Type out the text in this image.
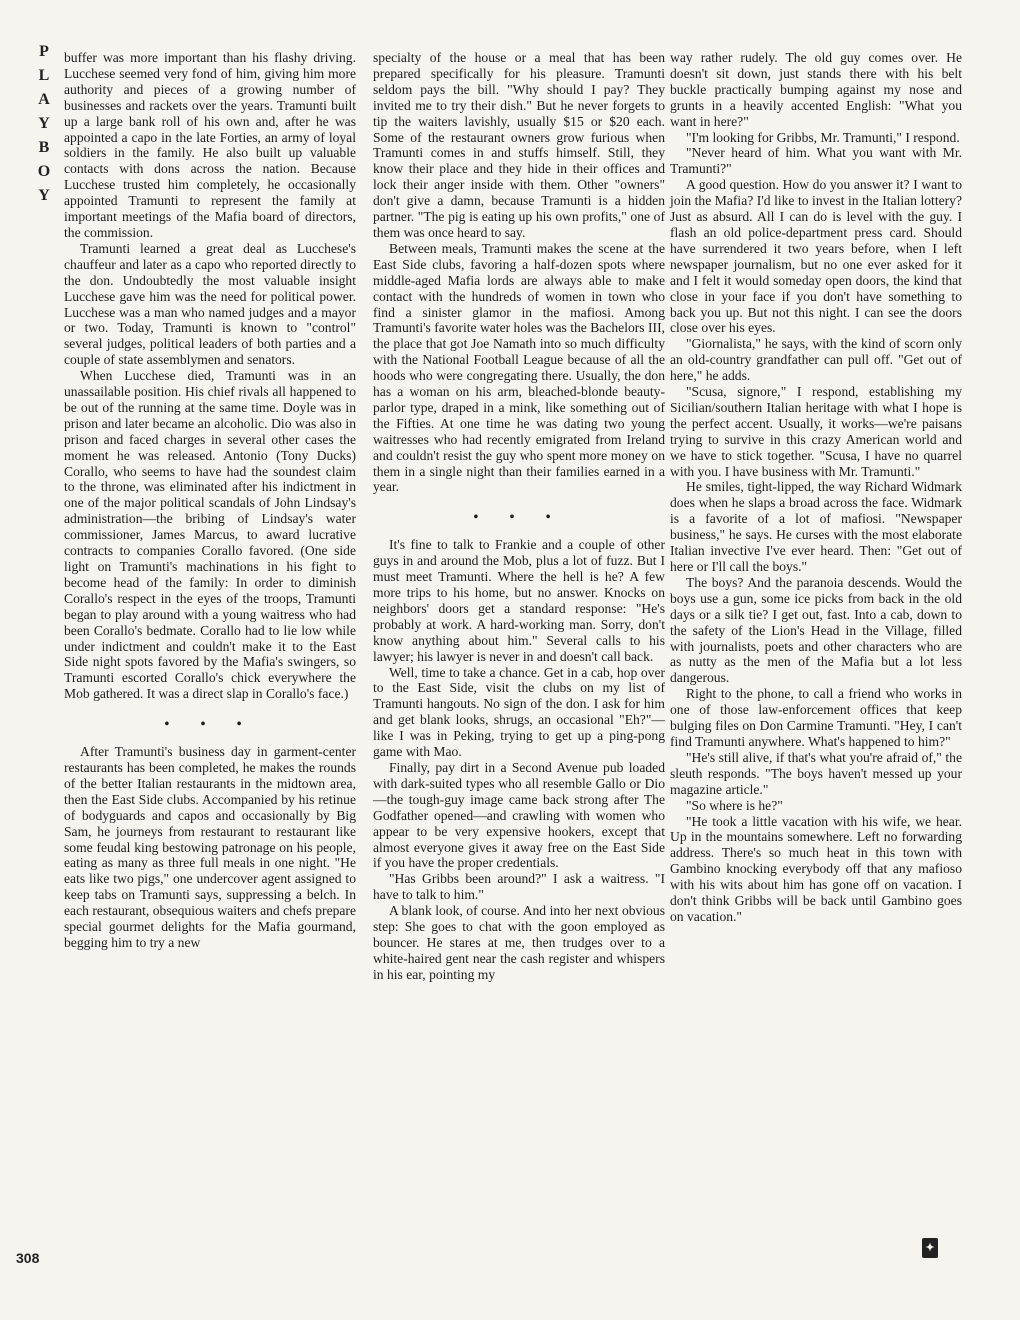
P
L
A
Y
B
O
Y

buffer was more important than his flashy driving. Lucchese seemed very fond of him, giving him more authority and pieces of a growing number of businesses and rackets over the years. Tramunti built up a large bank roll of his own and, after he was appointed a capo in the late Forties, an army of loyal soldiers in the family. He also built up valuable contacts with dons across the nation. Because Lucchese trusted him completely, he occasionally appointed Tramunti to represent the family at important meetings of the Mafia board of directors, the commission.

Tramunti learned a great deal as Lucchese's chauffeur and later as a capo who reported directly to the don. Undoubtedly the most valuable insight Lucchese gave him was the need for political power. Lucchese was a man who named judges and a mayor or two. Today, Tramunti is known to "control" several judges, political leaders of both parties and a couple of state assemblymen and senators.

When Lucchese died, Tramunti was in an unassailable position. His chief rivals all happened to be out of the running at the same time. Doyle was in prison and later became an alcoholic. Dio was also in prison and faced charges in several other cases the moment he was released. Antonio (Tony Ducks) Corallo, who seems to have had the soundest claim to the throne, was eliminated after his indictment in one of the major political scandals of John Lindsay's administration—the bribing of Lindsay's water commissioner, James Marcus, to award lucrative contracts to companies Corallo favored. (One side light on Tramunti's machinations in his fight to become head of the family: In order to diminish Corallo's respect in the eyes of the troops, Tramunti began to play around with a young waitress who had been Corallo's bedmate. Corallo had to lie low while under indictment and couldn't make it to the East Side night spots favored by the Mafia's swingers, so Tramunti escorted Corallo's chick everywhere the Mob gathered. It was a direct slap in Corallo's face.)

• • •

After Tramunti's business day in garment-center restaurants has been completed, he makes the rounds of the better Italian restaurants in the midtown area, then the East Side clubs. Accompanied by his retinue of bodyguards and capos and occasionally by Big Sam, he journeys from restaurant to restaurant like some feudal king bestowing patronage on his people, eating as many as three full meals in one night. "He eats like two pigs," one undercover agent assigned to keep tabs on Tramunti says, suppressing a belch. In each restaurant, obsequious waiters and chefs prepare special gourmet delights for the Mafia gourmand, begging him to try a new

specialty of the house or a meal that has been prepared specifically for his pleasure. Tramunti seldom pays the bill. "Why should I pay? They invited me to try their dish." But he never forgets to tip the waiters lavishly, usually $15 or $20 each. Some of the restaurant owners grow furious when Tramunti comes in and stuffs himself. Still, they know their place and they hide in their offices and lock their anger inside with them. Other "owners" don't give a damn, because Tramunti is a hidden partner. "The pig is eating up his own profits," one of them was once heard to say.

Between meals, Tramunti makes the scene at the East Side clubs, favoring a half-dozen spots where middle-aged Mafia lords are always able to make contact with the hundreds of women in town who find a sinister glamor in the mafiosi. Among Tramunti's favorite water holes was the Bachelors III, the place that got Joe Namath into so much difficulty with the National Football League because of all the hoods who were congregating there. Usually, the don has a woman on his arm, bleached-blonde beauty-parlor type, draped in a mink, like something out of the Fifties. At one time he was dating two young waitresses who had recently emigrated from Ireland and couldn't resist the guy who spent more money on them in a single night than their families earned in a year.

• • •

It's fine to talk to Frankie and a couple of other guys in and around the Mob, plus a lot of fuzz. But I must meet Tramunti. Where the hell is he? A few more trips to his home, but no answer. Knocks on neighbors' doors get a standard response: "He's probably at work. A hard-working man. Sorry, don't know anything about him." Several calls to his lawyer; his lawyer is never in and doesn't call back.

Well, time to take a chance. Get in a cab, hop over to the East Side, visit the clubs on my list of Tramunti hangouts. No sign of the don. I ask for him and get blank looks, shrugs, an occasional "Eh?"—like I was in Peking, trying to get up a ping-pong game with Mao.

Finally, pay dirt in a Second Avenue pub loaded with dark-suited types who all resemble Gallo or Dio—the tough-guy image came back strong after The Godfather opened—and crawling with women who appear to be very expensive hookers, except that almost everyone gives it away free on the East Side if you have the proper credentials.

"Has Gribbs been around?" I ask a waitress. "I have to talk to him."

A blank look, of course. And into her next obvious step: She goes to chat with the goon employed as bouncer. He stares at me, then trudges over to a white-haired gent near the cash register and whispers in his ear, pointing my

way rather rudely. The old guy comes over. He doesn't sit down, just stands there with his belt buckle practically bumping against my nose and grunts in a heavily accented English: "What you want in here?"

"I'm looking for Gribbs, Mr. Tramunti," I respond.

"Never heard of him. What you want with Mr. Tramunti?"

A good question. How do you answer it? I want to join the Mafia? I'd like to invest in the Italian lottery? Just as absurd. All I can do is level with the guy. I flash an old police-department press card. Should have surrendered it two years before, when I left newspaper journalism, but no one ever asked for it and I felt it would someday open doors, the kind that close in your face if you don't have something to back you up. But not this night. I can see the doors close over his eyes.

"Giornalista," he says, with the kind of scorn only an old-country grandfather can pull off. "Get out of here," he adds.

"Scusa, signore," I respond, establishing my Sicilian/southern Italian heritage with what I hope is the perfect accent. Usually, it works—we're paisans trying to survive in this crazy American world and we have to stick together. "Scusa, I have no quarrel with you. I have business with Mr. Tramunti."

He smiles, tight-lipped, the way Richard Widmark does when he slaps a broad across the face. Widmark is a favorite of a lot of mafiosi. "Newspaper business," he says. He curses with the most elaborate Italian invective I've ever heard. Then: "Get out of here or I'll call the boys."

The boys? And the paranoia descends. Would the boys use a gun, some ice picks from back in the old days or a silk tie? I get out, fast. Into a cab, down to the safety of the Lion's Head in the Village, filled with journalists, poets and other characters who are as nutty as the men of the Mafia but a lot less dangerous.

Right to the phone, to call a friend who works in one of those law-enforcement offices that keep bulging files on Don Carmine Tramunti. "Hey, I can't find Tramunti anywhere. What's happened to him?"

"He's still alive, if that's what you're afraid of," the sleuth responds. "The boys haven't messed up your magazine article."

"So where is he?"

"He took a little vacation with his wife, we hear. Up in the mountains somewhere. Left no forwarding address. There's so much heat in this town with Gambino knocking everybody off that any mafioso with his wits about him has gone off on vacation. I don't think Gribbs will be back until Gambino goes on vacation."

308
✦
